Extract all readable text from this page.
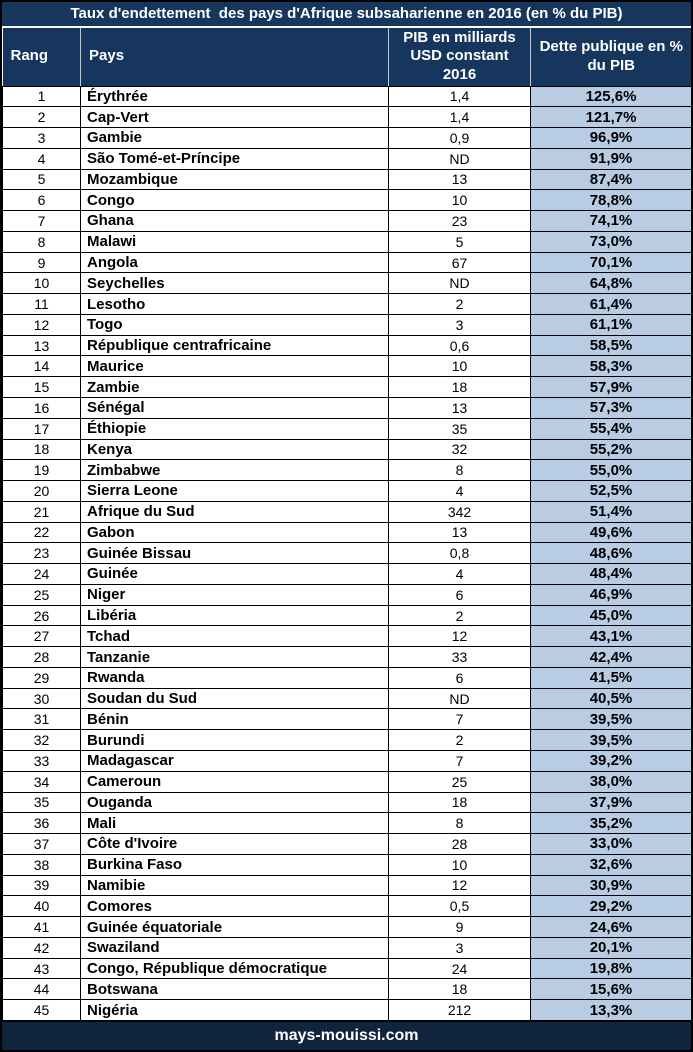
Taux d'endettement  des pays d'Afrique subsaharienne en 2016 (en % du PIB)
Rang	Pays	PIB en milliards USD constant 2016	Dette publique en % du PIB
1	Érythrée	1,4	125,6%
2	Cap-Vert	1,4	121,7%
3	Gambie	0,9	96,9%
4	São Tomé-et-Príncipe	ND	91,9%
5	Mozambique	13	87,4%
6	Congo	10	78,8%
7	Ghana	23	74,1%
8	Malawi	5	73,0%
9	Angola	67	70,1%
10	Seychelles	ND	64,8%
11	Lesotho	2	61,4%
12	Togo	3	61,1%
13	République centrafricaine	0,6	58,5%
14	Maurice	10	58,3%
15	Zambie	18	57,9%
16	Sénégal	13	57,3%
17	Éthiopie	35	55,4%
18	Kenya	32	55,2%
19	Zimbabwe	8	55,0%
20	Sierra Leone	4	52,5%
21	Afrique du Sud	342	51,4%
22	Gabon	13	49,6%
23	Guinée Bissau	0,8	48,6%
24	Guinée	4	48,4%
25	Niger	6	46,9%
26	Libéria	2	45,0%
27	Tchad	12	43,1%
28	Tanzanie	33	42,4%
29	Rwanda	6	41,5%
30	Soudan du Sud	ND	40,5%
31	Bénin	7	39,5%
32	Burundi	2	39,5%
33	Madagascar	7	39,2%
34	Cameroun	25	38,0%
35	Ouganda	18	37,9%
36	Mali	8	35,2%
37	Côte d'Ivoire	28	33,0%
38	Burkina Faso	10	32,6%
39	Namibie	12	30,9%
40	Comores	0,5	29,2%
41	Guinée équatoriale	9	24,6%
42	Swaziland	3	20,1%
43	Congo, République démocratique	24	19,8%
44	Botswana	18	15,6%
45	Nigéria	212	13,3%
mays-mouissi.com
